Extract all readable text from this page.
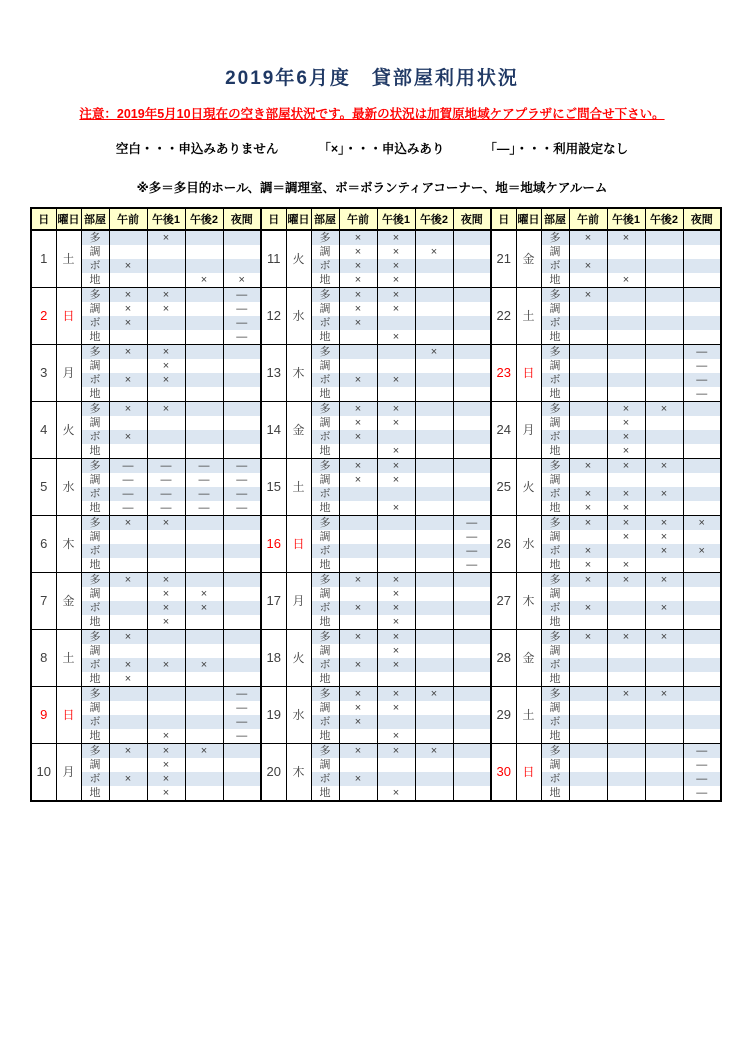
2019年6月度　貸部屋利用状況
注意：2019年5月10日現在の空き部屋状況です。最新の状況は加賀原地域ケアプラザにご問合せ下さい。
空白・・・申込みありません	「×」・・・申込みあり	「—」・・・利用設定なし
※多＝多目的ホール、調＝調理室、ボ＝ボランティアコーナー、地＝地域ケアルーム
日	曜日	部屋	午前	午後1	午後2	夜間
1	土	多		×		
		調				
		ボ	×			
		地			×	×
2	日	多	×	×		—
		調	×	×		—
		ボ	×			—
		地				—
3	月	多	×	×		
		調		×		
		ボ	×	×		
		地				
4	火	多	×	×		
		調				
		ボ	×			
		地				
5	水	多	—	—	—	—
		調	—	—	—	—
		ボ	—	—	—	—
		地	—	—	—	—
6	木	多	×	×		
		調				
		ボ				
		地				
7	金	多	×	×		
		調		×	×	
		ボ		×	×	
		地		×		
8	土	多	×			
		調				
		ボ	×	×	×	
		地	×			
9	日	多				—
		調				—
		ボ				—
		地		×		—
10	月	多	×	×	×	
		調		×		
		ボ	×	×		
		地		×		
日	曜日	部屋	午前	午後1	午後2	夜間
11	火	多	×	×		
		調	×	×	×	
		ボ	×	×		
		地	×	×		
12	水	多	×	×		
		調	×	×		
		ボ	×			
		地		×		
13	木	多			×	
		調				
		ボ	×	×		
		地				
14	金	多	×	×		
		調	×	×		
		ボ	×			
		地		×		
15	土	多	×	×		
		調	×	×		
		ボ				
		地		×		
16	日	多				—
		調				—
		ボ				—
		地				—
17	月	多	×	×		
		調		×		
		ボ	×	×		
		地		×		
18	火	多	×	×		
		調		×		
		ボ	×	×		
		地				
19	水	多	×	×	×	
		調	×	×		
		ボ	×			
		地		×		
20	木	多	×	×	×	
		調				
		ボ	×			
		地		×		
日	曜日	部屋	午前	午後1	午後2	夜間
21	金	多	×	×		
		調				
		ボ	×			
		地		×		
22	土	多	×			
		調				
		ボ				
		地				
23	日	多				—
		調				—
		ボ				—
		地				—
24	月	多		×	×	
		調		×		
		ボ		×		
		地		×		
25	火	多	×	×	×	
		調				
		ボ	×	×	×	
		地	×	×		
26	水	多	×	×	×	×
		調		×	×	
		ボ	×		×	×
		地	×	×		
27	木	多	×	×	×	
		調				
		ボ	×		×	
		地				
28	金	多	×	×	×	
		調				
		ボ				
		地				
29	土	多		×	×	
		調				
		ボ				
		地				
30	日	多				—
		調				—
		ボ				—
		地				—
